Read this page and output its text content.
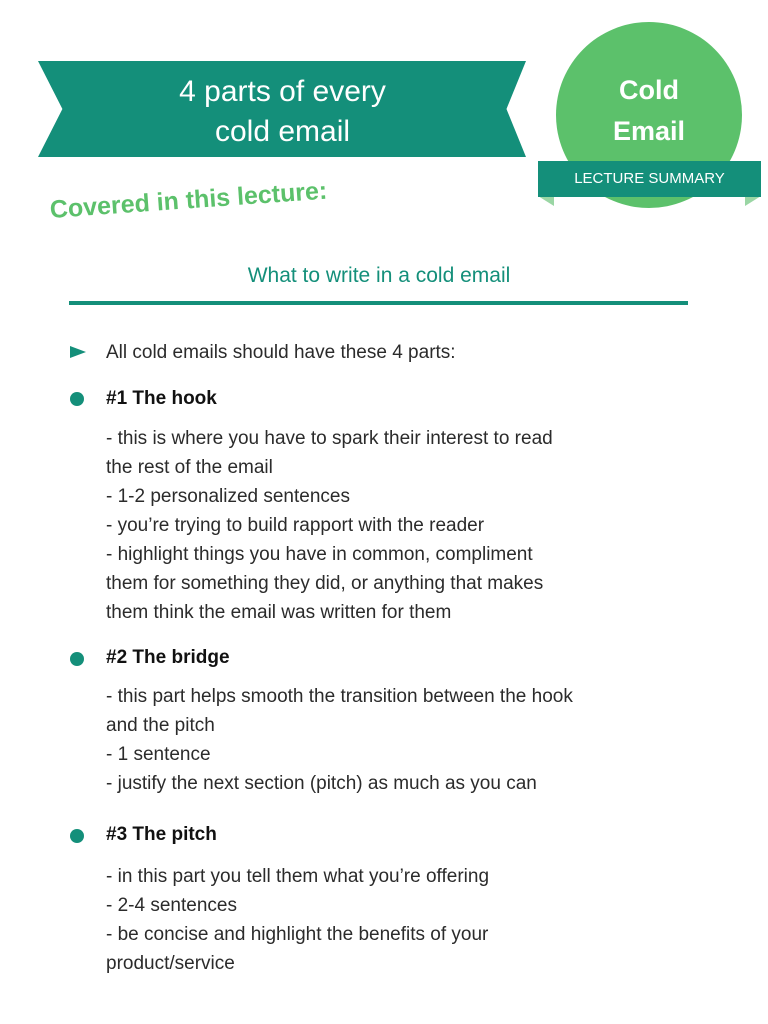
4 parts of every
cold email
Cold
Email
LECTURE SUMMARY
Covered in this lecture:
What to write in a cold email
All cold emails should have these 4 parts:
#1 The hook
- this is where you have to spark their interest to read
the rest of the email
- 1-2 personalized sentences
- you’re trying to build rapport with the reader
- highlight things you have in common, compliment
them for something they did, or anything that makes
them think the email was written for them
#2 The bridge
- this part helps smooth the transition between the hook
and the pitch
- 1 sentence
- justify the next section (pitch) as much as you can
#3 The pitch
- in this part you tell them what you’re offering
- 2-4 sentences
- be concise and highlight the benefits of your
product/service
